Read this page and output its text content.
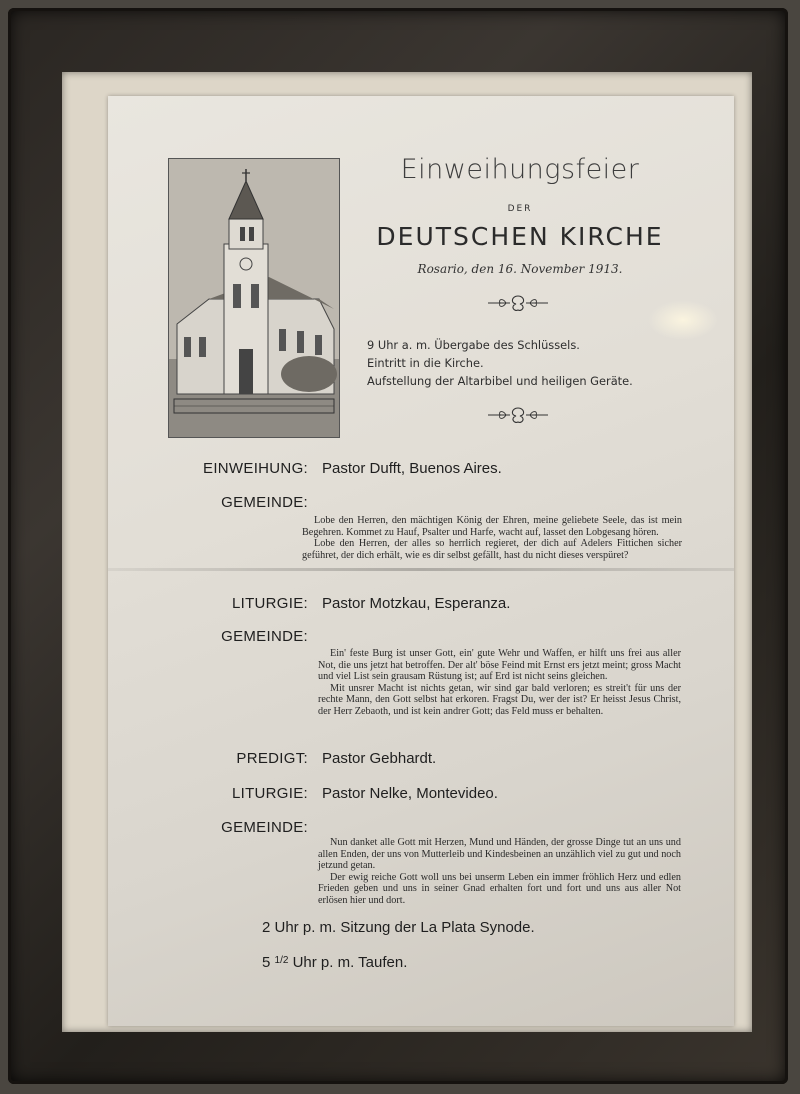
Einweihungsfeier
DER
DEUTSCHEN KIRCHE
Rosario, den 16. November 1913.
9 Uhr a. m. Übergabe des Schlüssels.
Eintritt in die Kirche.
Aufstellung der Altarbibel und heiligen Geräte.
EINWEIHUNG: Pastor Dufft, Buenos Aires.
GEMEINDE:

Lobe den Herren, den mächtigen König der Ehren, meine geliebete Seele, das ist mein Begehren. Kommet zu Hauf, Psalter und Harfe, wacht auf, lasset den Lobgesang hören.

Lobe den Herren, der alles so herrlich regieret, der dich auf Adelers Fittichen sicher geführet, der dich erhält, wie es dir selbst gefällt, hast du nicht dieses verspüret?

LITURGIE: Pastor Motzkau, Esperanza.
GEMEINDE:

Ein' feste Burg ist unser Gott, ein' gute Wehr und Waffen, er hilft uns frei aus aller Not, die uns jetzt hat betroffen. Der alt' böse Feind mit Ernst ers jetzt meint; gross Macht und viel List sein grausam Rüstung ist; auf Erd ist nicht seins gleichen.

Mit unsrer Macht ist nichts getan, wir sind gar bald verloren; es streit't für uns der rechte Mann, den Gott selbst hat erkoren. Fragst Du, wer der ist? Er heisst Jesus Christ, der Herr Zebaoth, und ist kein andrer Gott; das Feld muss er behalten.

PREDIGT: Pastor Gebhardt.
LITURGIE: Pastor Nelke, Montevideo.
GEMEINDE:

Nun danket alle Gott mit Herzen, Mund und Händen, der grosse Dinge tut an uns und allen Enden, der uns von Mutterleib und Kindesbeinen an unzählich viel zu gut und noch jetzund getan.

Der ewig reiche Gott woll uns bei unserm Leben ein immer fröhlich Herz und edlen Frieden geben und uns in seiner Gnad erhalten fort und fort und uns aus aller Not erlösen hier und dort.

2 Uhr p. m. Sitzung der La Plata Synode.
5 $^{1/2}$ Uhr p. m. Taufen.
